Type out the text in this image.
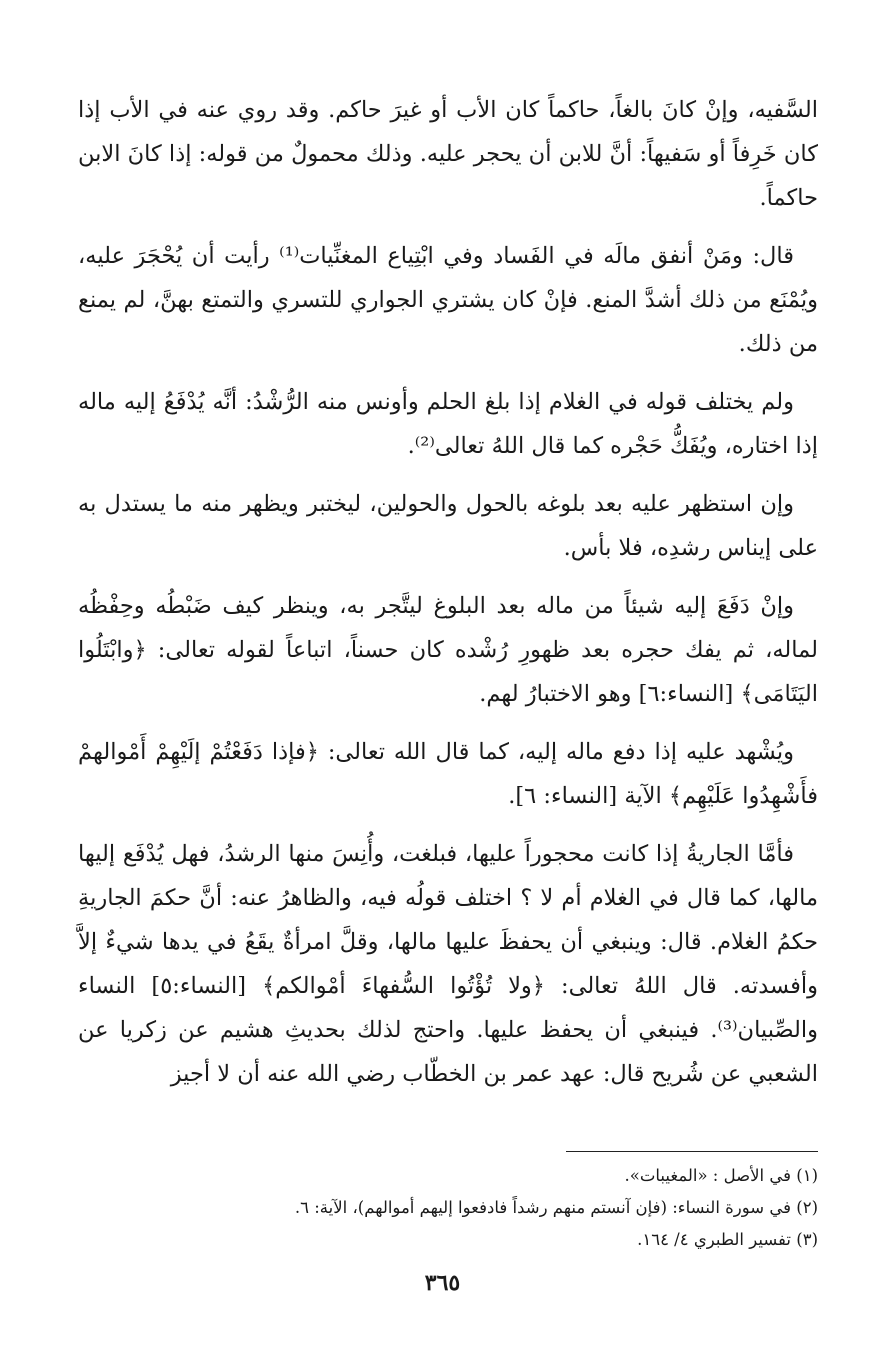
السَّفيه، وإنْ كانَ بالغاً، حاكماً كان الأب أو غيرَ حاكم. وقد روي عنه في الأب إذا كان خَرِفاً أو سَفيهاً: أنَّ للابن أن يحجر عليه. وذلك محمولٌ من قوله: إذا كانَ الابن حاكماً.

قال: ومَنْ أنفق مالَه في الفَساد وفي ابْتِياع المغنِّيات⁽¹⁾ رأيت أن يُحْجَرَ عليه، ويُمْنَع من ذلك أشدَّ المنع. فإنْ كان يشتري الجواري للتسري والتمتع بهنَّ، لم يمنع من ذلك.

ولم يختلف قوله في الغلام إذا بلغ الحلم وأونس منه الرُّشْدُ: أنَّه يُدْفَعُ إليه ماله إذا اختاره، ويُفَكُّ حَجْره كما قال اللهُ تعالى⁽²⁾.

وإن استظهر عليه بعد بلوغه بالحول والحولين، ليختبر ويظهر منه ما يستدل به على إيناس رشدِه، فلا بأس.

وإنْ دَفَعَ إليه شيئاً من ماله بعد البلوغ ليتَّجر به، وينظر كيف ضَبْطُه وحِفْظُه لماله، ثم يفك حجره بعد ظهورِ رُشْده كان حسناً، اتباعاً لقوله تعالى: ﴿وابْتَلُوا اليَتَامَى﴾ [النساء:٦] وهو الاختبارُ لهم.

ويُشْهد عليه إذا دفع ماله إليه، كما قال الله تعالى: ﴿فإذا دَفَعْتُمْ إلَيْهِمْ أَمْوالهمْ فأَشْهِدُوا عَلَيْهِم﴾ الآية [النساء: ٦].

فأمَّا الجاريةُ إذا كانت محجوراً عليها، فبلغت، وأُنِسَ منها الرشدُ، فهل يُدْفَع إليها مالها، كما قال في الغلام أم لا ؟ اختلف قولُه فيه، والظاهرُ عنه: أنَّ حكمَ الجاريةِ حكمُ الغلام. قال: وينبغي أن يحفظَ عليها مالها، وقلَّ امرأةٌ يقَعُ في يدها شيءٌ إلاَّ وأفسدته. قال اللهُ تعالى: ﴿ولا تُؤْتُوا السُّفهاءَ أمْوالكم﴾ [النساء:٥] النساء والصِّبيان⁽³⁾. فينبغي أن يحفظ عليها. واحتج لذلك بحديثِ هشيم عن زكريا عن الشعبي عن شُريح قال: عهد عمر بن الخطّاب رضي الله عنه أن لا أجيز

(١) في الأصل : «المغيبات».

(٢) في سورة النساء: (فإن آنستم منهم رشداً فادفعوا إليهم أموالهم)، الآية: ٦.

(٣) تفسير الطبري ٤/ ١٦٤.

٣٦٥
